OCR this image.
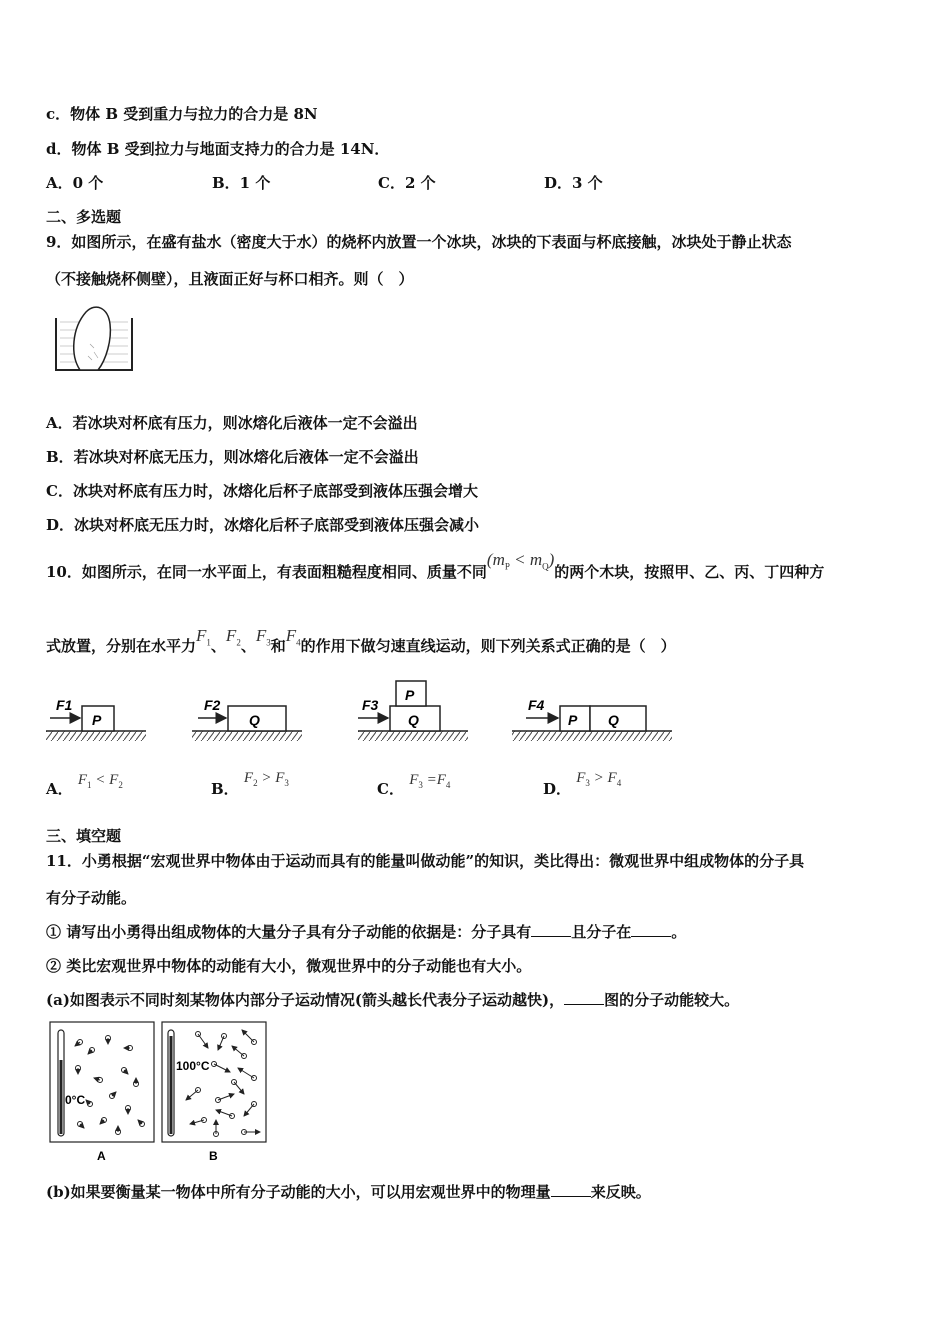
c．物体 B 受到重力与拉力的合力是 8N
d．物体 B 受到拉力与地面支持力的合力是 14N．
A．0 个	B．1 个	C．2 个	D．3 个
二、多选题
9．如图所示，在盛有盐水（密度大于水）的烧杯内放置一个冰块，冰块的下表面与杯底接触，冰块处于静止状态
（不接触烧杯侧壁），且液面正好与杯口相齐。则（　）
A．若冰块对杯底有压力，则冰熔化后液体一定不会溢出
B．若冰块对杯底无压力，则冰熔化后液体一定不会溢出
C．冰块对杯底有压力时，冰熔化后杯子底部受到液体压强会增大
D．冰块对杯底无压力时，冰熔化后杯子底部受到液体压强会减小
10．如图所示，在同一水平面上，有表面粗糙程度相同、质量不同$(m_P < m_Q)$的两个木块，按照甲、乙、丙、丁四种方
式放置，分别在水平力$F_1$、$F_2$、$F_3$和$F_4$的作用下做匀速直线运动，则下列关系式正确的是（　）
F1
P
F2
Q
F3
P
Q
F4
P Q
A． $F_1 < F_2$	B． $F_2 > F_3$	C． $F_3 =F_4$	D． $F_3 > F_4$
三、填空题
11．小勇根据“宏观世界中物体由于运动而具有的能量叫做动能”的知识，类比得出：微观世界中组成物体的分子具
有分子动能。
① 请写出小勇得出组成物体的大量分子具有分子动能的依据是：分子具有	且分子在	。
② 类比宏观世界中物体的动能有大小，微观世界中的分子动能也有大小。
(a)如图表示不同时刻某物体内部分子运动情况(箭头越长代表分子运动越快)，	图的分子动能较大。
0°C
A
100°C
B
(b)如果要衡量某一物体中所有分子动能的大小，可以用宏观世界中的物理量	来反映。
